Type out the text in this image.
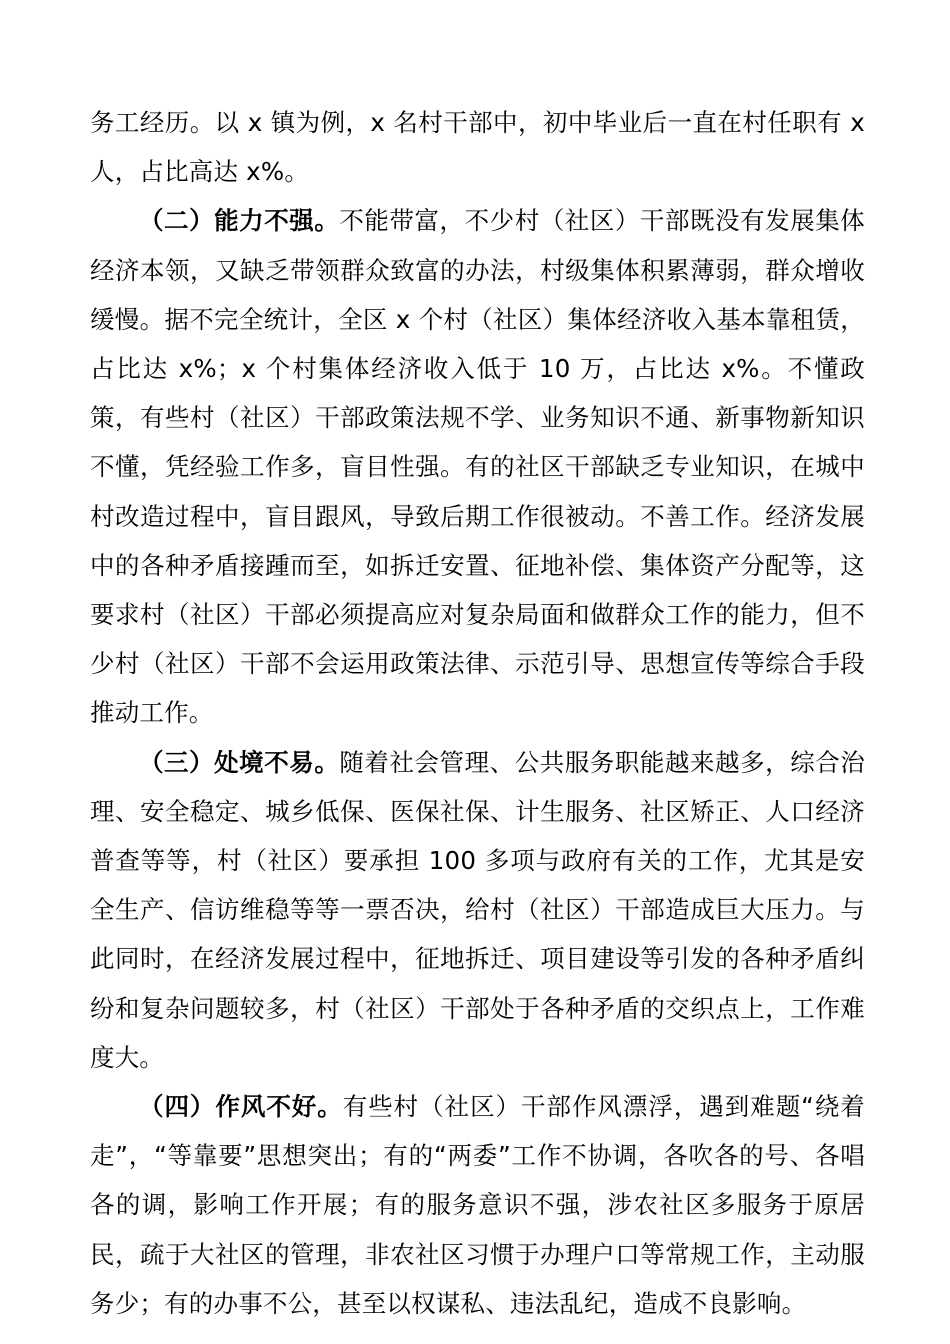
务工经历。以 x 镇为例，x 名村干部中，初中毕业后一直在村任职有 x 人，占比高达 x%。

（二）能力不强。不能带富，不少村（社区）干部既没有发展集体经济本领，又缺乏带领群众致富的办法，村级集体积累薄弱，群众增收缓慢。据不完全统计，全区 x 个村（社区）集体经济收入基本靠租赁，占比达 x%；x 个村集体经济收入低于 10 万，占比达 x%。不懂政策，有些村（社区）干部政策法规不学、业务知识不通、新事物新知识不懂，凭经验工作多，盲目性强。有的社区干部缺乏专业知识，在城中村改造过程中，盲目跟风，导致后期工作很被动。不善工作。经济发展中的各种矛盾接踵而至，如拆迁安置、征地补偿、集体资产分配等，这要求村（社区）干部必须提高应对复杂局面和做群众工作的能力，但不少村（社区）干部不会运用政策法律、示范引导、思想宣传等综合手段推动工作。

（三）处境不易。随着社会管理、公共服务职能越来越多，综合治理、安全稳定、城乡低保、医保社保、计生服务、社区矫正、人口经济普查等等，村（社区）要承担 100 多项与政府有关的工作，尤其是安全生产、信访维稳等等一票否决，给村（社区）干部造成巨大压力。与此同时，在经济发展过程中，征地拆迁、项目建设等引发的各种矛盾纠纷和复杂问题较多，村（社区）干部处于各种矛盾的交织点上，工作难度大。

（四）作风不好。有些村（社区）干部作风漂浮，遇到难题“绕着走”，“等靠要”思想突出；有的“两委”工作不协调，各吹各的号、各唱各的调，影响工作开展；有的服务意识不强，涉农社区多服务于原居民，疏于大社区的管理，非农社区习惯于办理户口等常规工作，主动服务少；有的办事不公，甚至以权谋私、违法乱纪，造成不良影响。
